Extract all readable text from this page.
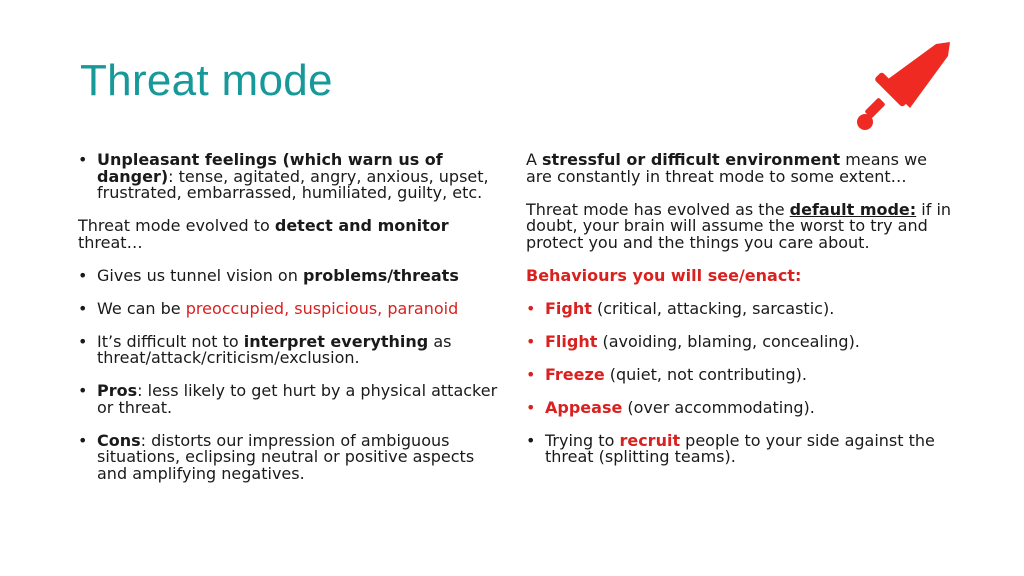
Threat mode
• Unpleasant feelings (which warn us of danger): tense, agitated, angry, anxious, upset, frustrated, embarrassed, humiliated, guilty, etc.

Threat mode evolved to detect and monitor threat…

• Gives us tunnel vision on problems/threats
• We can be preoccupied, suspicious, paranoid
• It’s difficult not to interpret everything as threat/attack/criticism/exclusion.
• Pros: less likely to get hurt by a physical attacker or threat.
• Cons: distorts our impression of ambiguous situations, eclipsing neutral or positive aspects and amplifying negatives.

A stressful or difficult environment means we are constantly in threat mode to some extent…

Threat mode has evolved as the default mode: if in doubt, your brain will assume the worst to try and protect you and the things you care about.

Behaviours you will see/enact:

• Fight (critical, attacking, sarcastic).
• Flight (avoiding, blaming, concealing).
• Freeze (quiet, not contributing).
• Appease (over accommodating).
• Trying to recruit people to your side against the threat (splitting teams).
